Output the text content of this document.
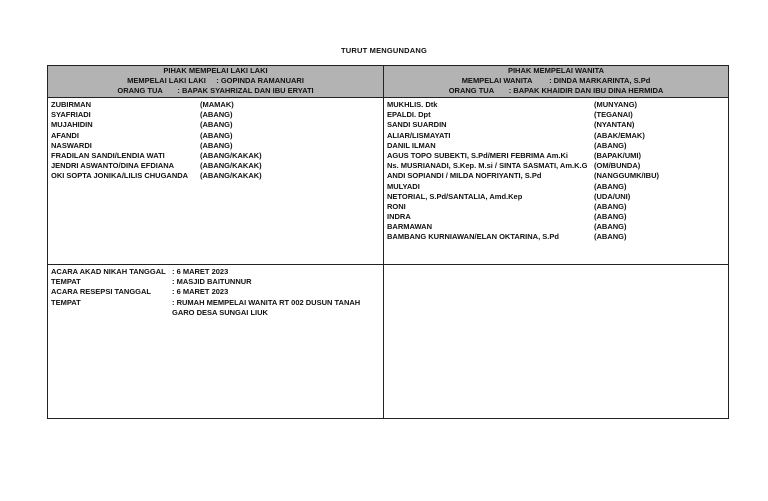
TURUT MENGUNDANG
PIHAK MEMPELAI LAKI LAKI
MEMPELAI LAKI LAKI : GOPINDA RAMANUARI
ORANG TUA : BAPAK SYAHRIZAL DAN IBU ERYATI
PIHAK MEMPELAI WANITA
MEMPELAI WANITA : DINDA MARKARINTA, S.Pd
ORANG TUA : BAPAK KHAIDIR DAN IBU DINA HERMIDA
ZUBIRMAN	(MAMAK)
SYAFRIADI	(ABANG)
MUJAHIDIN	(ABANG)
AFANDI	(ABANG)
NASWARDI	(ABANG)
FRADILAN SANDI/LENDIA WATI	(ABANG/KAKAK)
JENDRI ASWANTO/DINA EFDIANA	(ABANG/KAKAK)
OKI SOPTA JONIKA/LILIS CHUGANDA (ABANG/KAKAK)
MUKHLIS. Dtk	(MUNYANG)
EPALDI. Dpt	(TEGANAI)
SANDI SUARDIN	(NYANTAN)
ALIAR/LISMAYATI	(ABAK/EMAK)
DANIL ILMAN	(ABANG)
AGUS TOPO SUBEKTI, S.Pd/MERI FEBRIMA Am.Ki	(BAPAK/UMI)
Ns. MUSRIANADI, S.Kep. M.si / SINTA SASMATI, Am.K.G (OM/BUNDA)
ANDI SOPIANDI / MILDA NOFRIYANTI, S.Pd	(NANGGUMK/IBU)
MULYADI	(ABANG)
NETORIAL, S.Pd/SANTALIA, Amd.Kep	(UDA/UNI)
RONI	(ABANG)
INDRA	(ABANG)
BARMAWAN	(ABANG)
BAMBANG KURNIAWAN/ELAN OKTARINA, S.Pd	(ABANG)
ACARA AKAD NIKAH TANGGAL : 6 MARET 2023
TEMPAT	: MASJID BAITUNNUR
ACARA RESEPSI TANGGAL	: 6 MARET 2023
TEMPAT	: RUMAH MEMPELAI WANITA RT 002 DUSUN TANAH GARO DESA SUNGAI LIUK
